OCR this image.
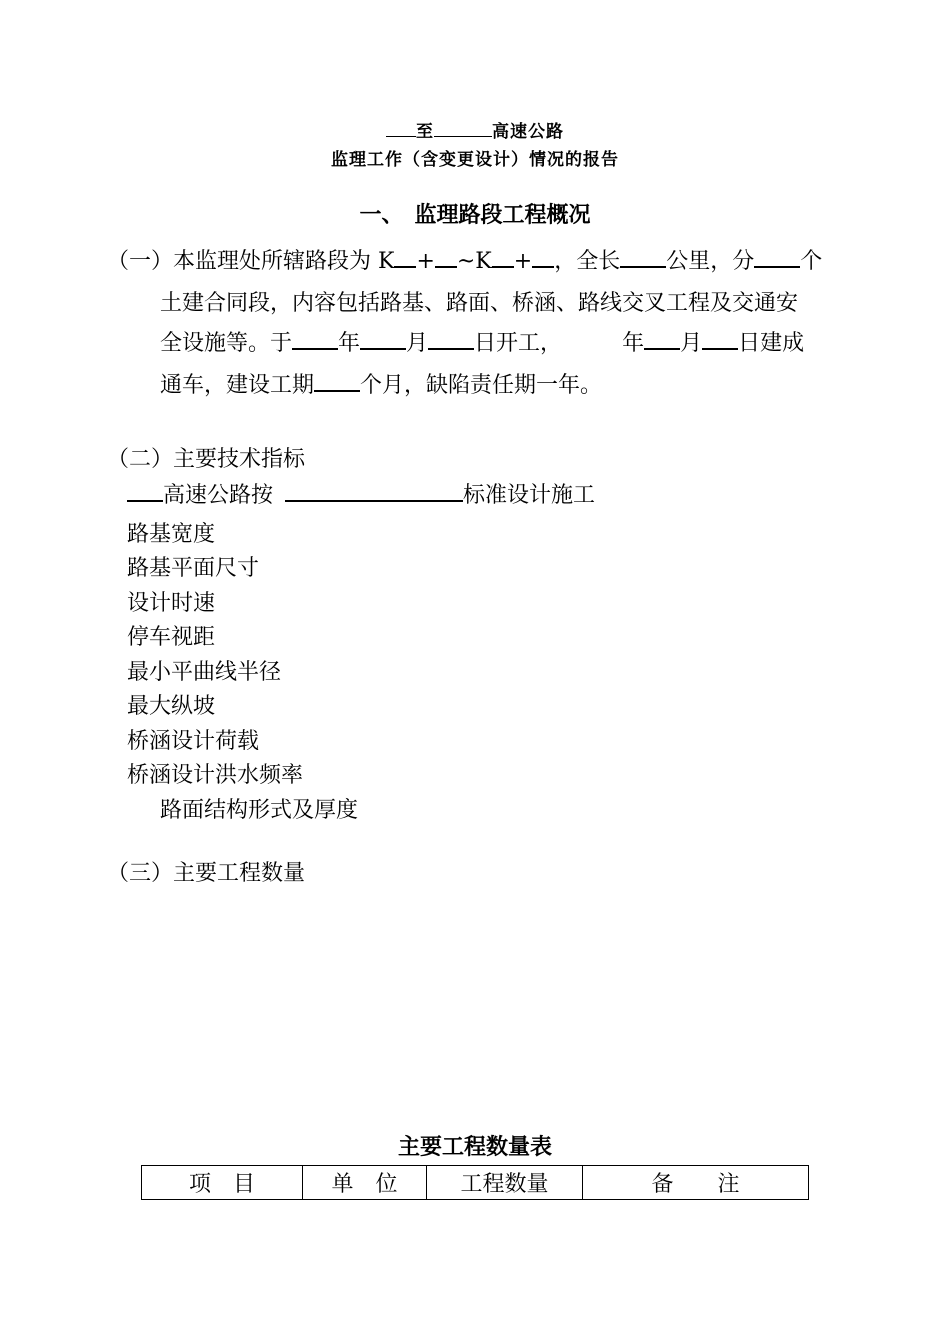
至	高速公路
监理工作（含变更设计）情况的报告
一、　监理路段工程概况
（一）本监理处所辖路段为 K + ~K + ，全长 公里，分 个
土建合同段，内容包括路基、路面、桥涵、路线交叉工程及交通安
全设施等。于 年 月 日开工，	年 月 日建成
通车，建设工期 个月，缺陷责任期一年。
（二）主要技术指标
高速公路按	标准设计施工
路基宽度
路基平面尺寸
设计时速
停车视距
最小平曲线半径
最大纵坡
桥涵设计荷载
桥涵设计洪水频率
路面结构形式及厚度
（三）主要工程数量
主要工程数量表
项　目	单　位	工程数量	备　　注
